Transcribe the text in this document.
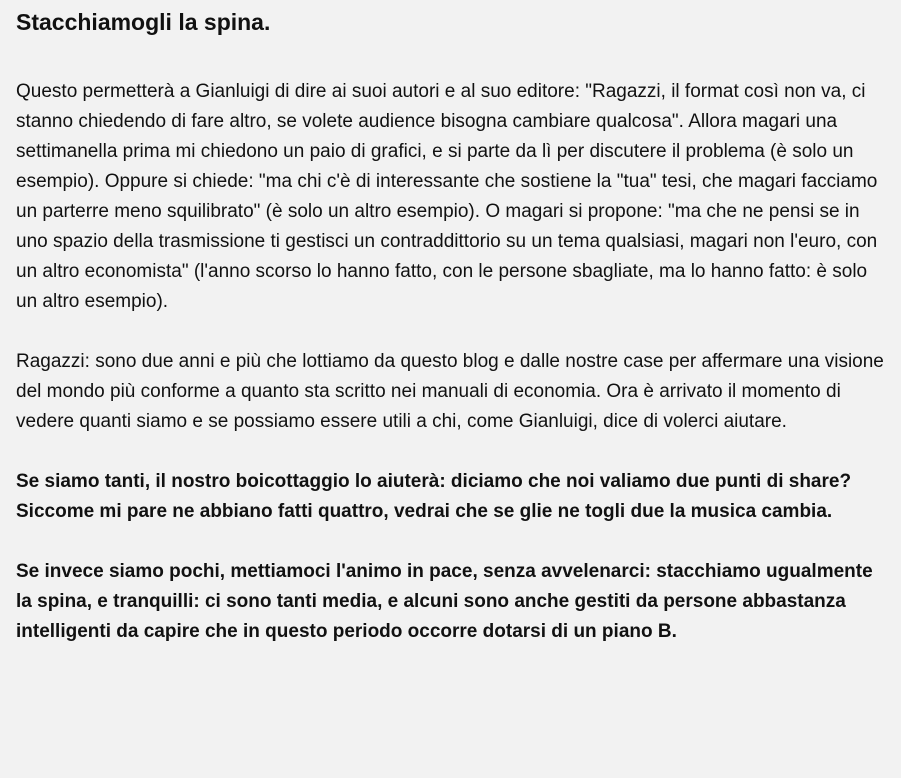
Stacchiamogli la spina.

Questo permetterà a Gianluigi di dire ai suoi autori e al suo editore: "Ragazzi, il format così non va, ci stanno chiedendo di fare altro, se volete audience bisogna cambiare qualcosa". Allora magari una settimanella prima mi chiedono un paio di grafici, e si parte da lì per discutere il problema (è solo un esempio). Oppure si chiede: "ma chi c'è di interessante che sostiene la "tua" tesi, che magari facciamo un parterre meno squilibrato" (è solo un altro esempio). O magari si propone: "ma che ne pensi se in uno spazio della trasmissione ti gestisci un contraddittorio su un tema qualsiasi, magari non l'euro, con un altro economista" (l'anno scorso lo hanno fatto, con le persone sbagliate, ma lo hanno fatto: è solo un altro esempio).

Ragazzi: sono due anni e più che lottiamo da questo blog e dalle nostre case per affermare una visione del mondo più conforme a quanto sta scritto nei manuali di economia. Ora è arrivato il momento di vedere quanti siamo e se possiamo essere utili a chi, come Gianluigi, dice di volerci aiutare.

Se siamo tanti, il nostro boicottaggio lo aiuterà: diciamo che noi valiamo due punti di share? Siccome mi pare ne abbiano fatti quattro, vedrai che se glie ne togli due la musica cambia.

Se invece siamo pochi, mettiamoci l'animo in pace, senza avvelenarci: stacchiamo ugualmente la spina, e tranquilli: ci sono tanti media, e alcuni sono anche gestiti da persone abbastanza intelligenti da capire che in questo periodo occorre dotarsi di un piano B.
